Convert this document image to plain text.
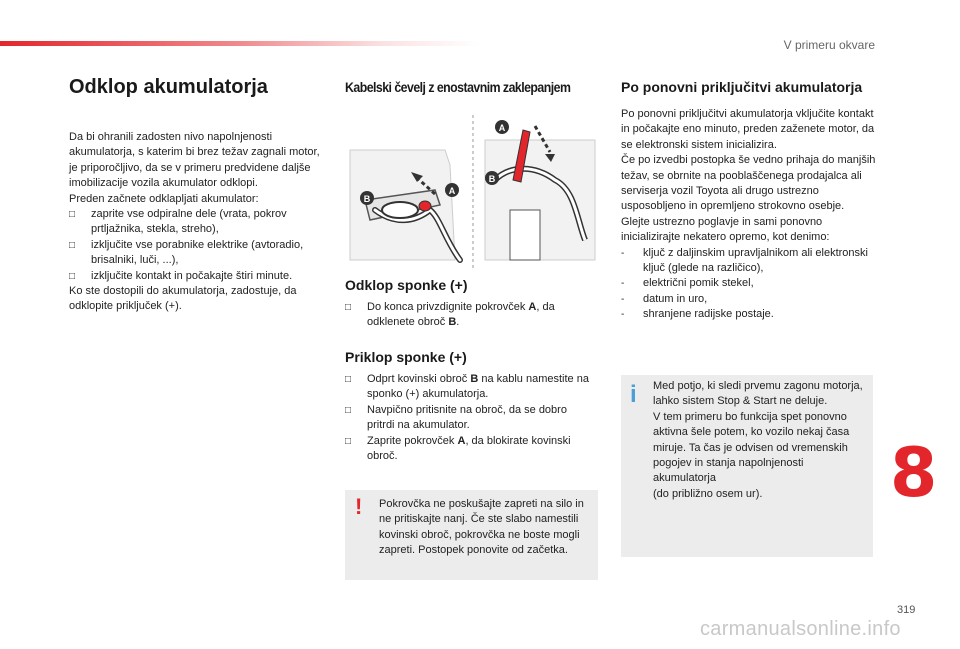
V primeru okvare
Odklop akumulatorja

Da bi ohranili zadosten nivo napolnjenosti akumulatorja, s katerim bi brez težav zagnali motor, je priporočljivo, da se v primeru predvidene daljše imobilizacije vozila akumulator odklopi.

Preden začnete odklapljati akumulator:

□	zaprite vse odpiralne dele (vrata, pokrov prtljažnika, stekla, streho),
□	izključite vse porabnike elektrike (avtoradio, brisalniki, luči, ...),
□	izključite kontakt in počakajte štiri minute.

Ko ste dostopili do akumulatorja, zadostuje, da odklopite priključek (+).

Kabelski čevelj z enostavnim zaklepanjem
A
B
A
B
Odklop sponke (+)
□	Do konca privzdignite pokrovček A, da odklenete obroč B.
Priklop sponke (+)
□	Odprt kovinski obroč B na kablu namestite na sponko (+) akumulatorja.
□	Navpično pritisnite na obroč, da se dobro pritrdi na akumulator.
□	Zaprite pokrovček A, da blokirate kovinski obroč.
! Pokrovčka ne poskušajte zapreti na silo in ne pritiskajte nanj. Če ste slabo namestili kovinski obroč, pokrovčka ne boste mogli zapreti. Postopek ponovite od začetka.
Po ponovni priključitvi akumulatorja

Po ponovni priključitvi akumulatorja vključite kontakt in počakajte eno minuto, preden zaženete motor, da se elektronski sistem inicializira.

Če po izvedbi postopka še vedno prihaja do manjših težav, se obrnite na pooblaščenega prodajalca ali serviserja vozil Toyota ali drugo ustrezno usposobljeno in opremljeno strokovno osebje.

Glejte ustrezno poglavje in sami ponovno inicializirajte nekatero opremo, kot denimo:

-	ključ z daljinskim upravljalnikom ali elektronski ključ (glede na različico),
-	električni pomik stekel,
-	datum in uro,
-	shranjene radijske postaje.
i Med potjo, ki sledi prvemu zagonu motorja, lahko sistem Stop & Start ne deluje.
V tem primeru bo funkcija spet ponovno aktivna šele potem, ko vozilo nekaj časa miruje. Ta čas je odvisen od vremenskih pogojev in stanja napolnjenosti akumulatorja
(do približno osem ur).	8
319
carmanualsonline.info
